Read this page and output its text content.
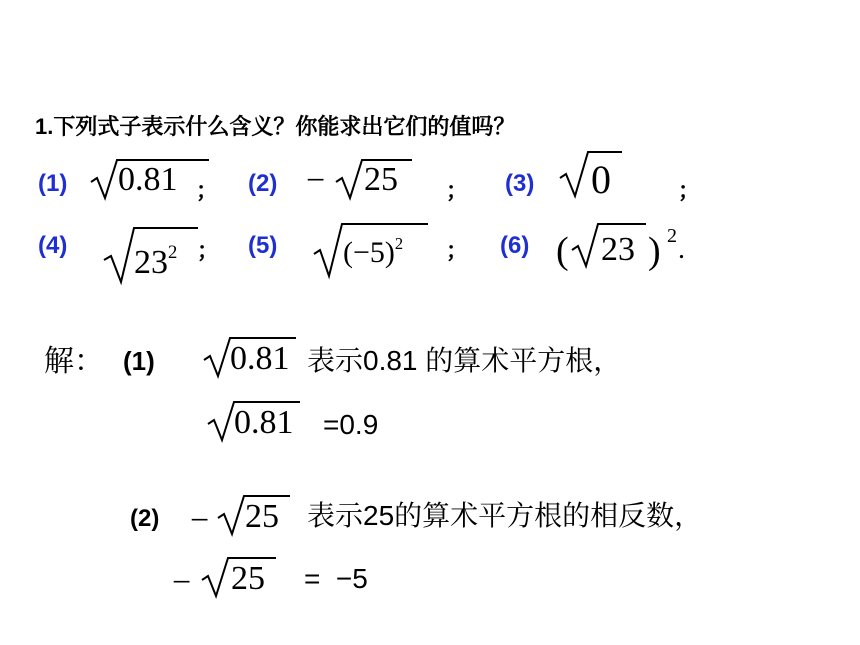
1.下列式子表示什么含义？你能求出它们的值吗？
(1) 0.81 ； (2) − 25 ； (3) 0	；
(4) $23^2$ ； (5) $(-5)^2$ ； (6) ( 23 ) 2 .
解： (1) 0.81 表示0.81 的算术平方根，
0.81 =0.9
(2) − 25 表示25的算术平方根的相反数，
− 25 =  −5
